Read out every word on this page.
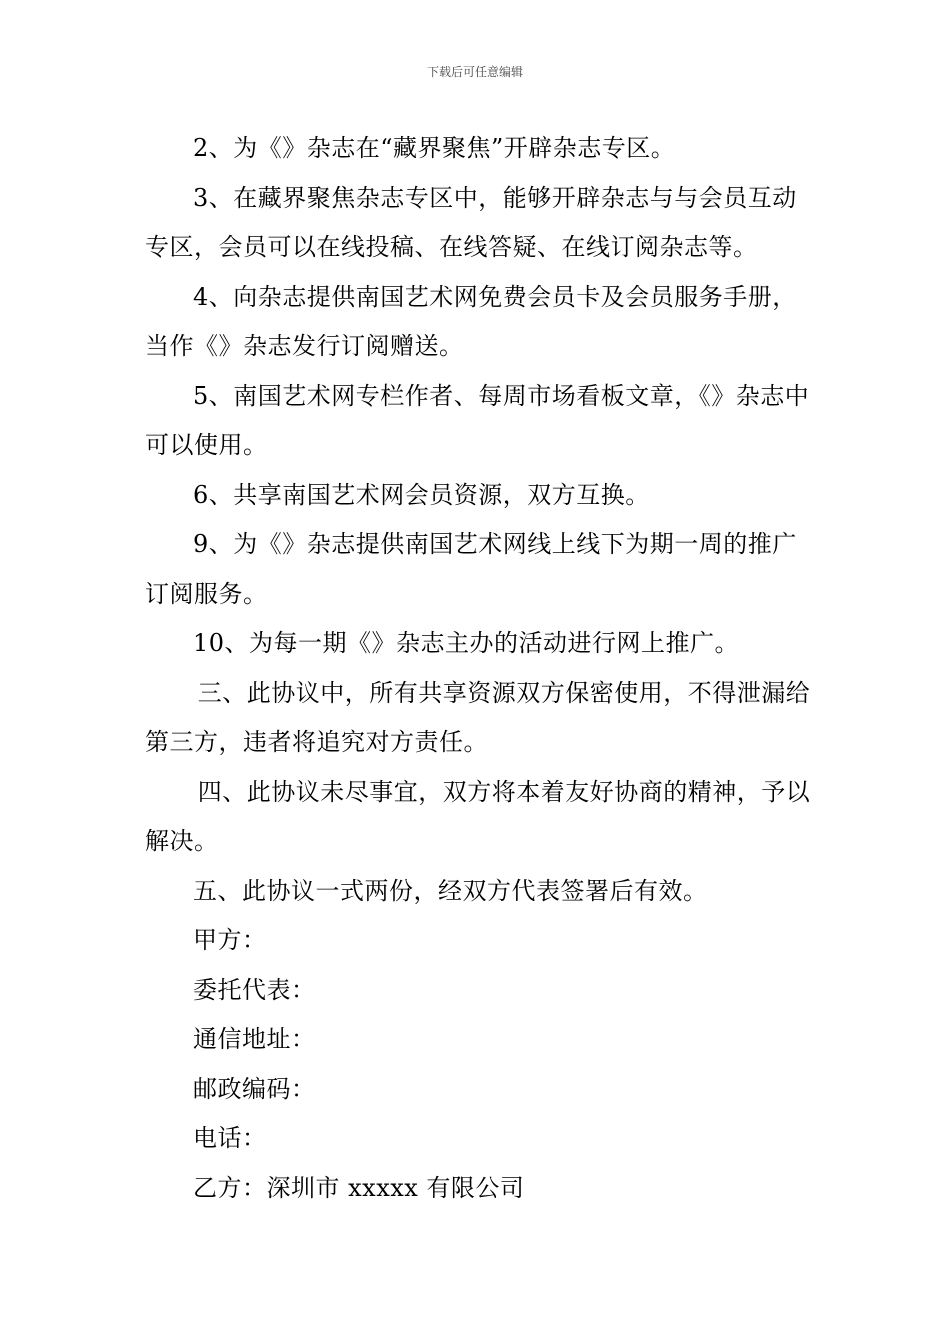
下载后可任意编辑

2、为《》杂志在“藏界聚焦”开辟杂志专区。

3、在藏界聚焦杂志专区中，能够开辟杂志与与会员互动专区，会员可以在线投稿、在线答疑、在线订阅杂志等。

4、向杂志提供南国艺术网免费会员卡及会员服务手册，当作《》杂志发行订阅赠送。

5、南国艺术网专栏作者、每周市场看板文章，《》杂志中可以使用。

6、共享南国艺术网会员资源，双方互换。

9、为《》杂志提供南国艺术网线上线下为期一周的推广订阅服务。

10、为每一期《》杂志主办的活动进行网上推广。

三、此协议中，所有共享资源双方保密使用，不得泄漏给第三方，违者将追究对方责任。

四、此协议未尽事宜，双方将本着友好协商的精神，予以解决。

五、此协议一式两份，经双方代表签署后有效。

甲方：

委托代表：

通信地址：

邮政编码：

电话：

乙方：深圳市 xxxxx 有限公司
